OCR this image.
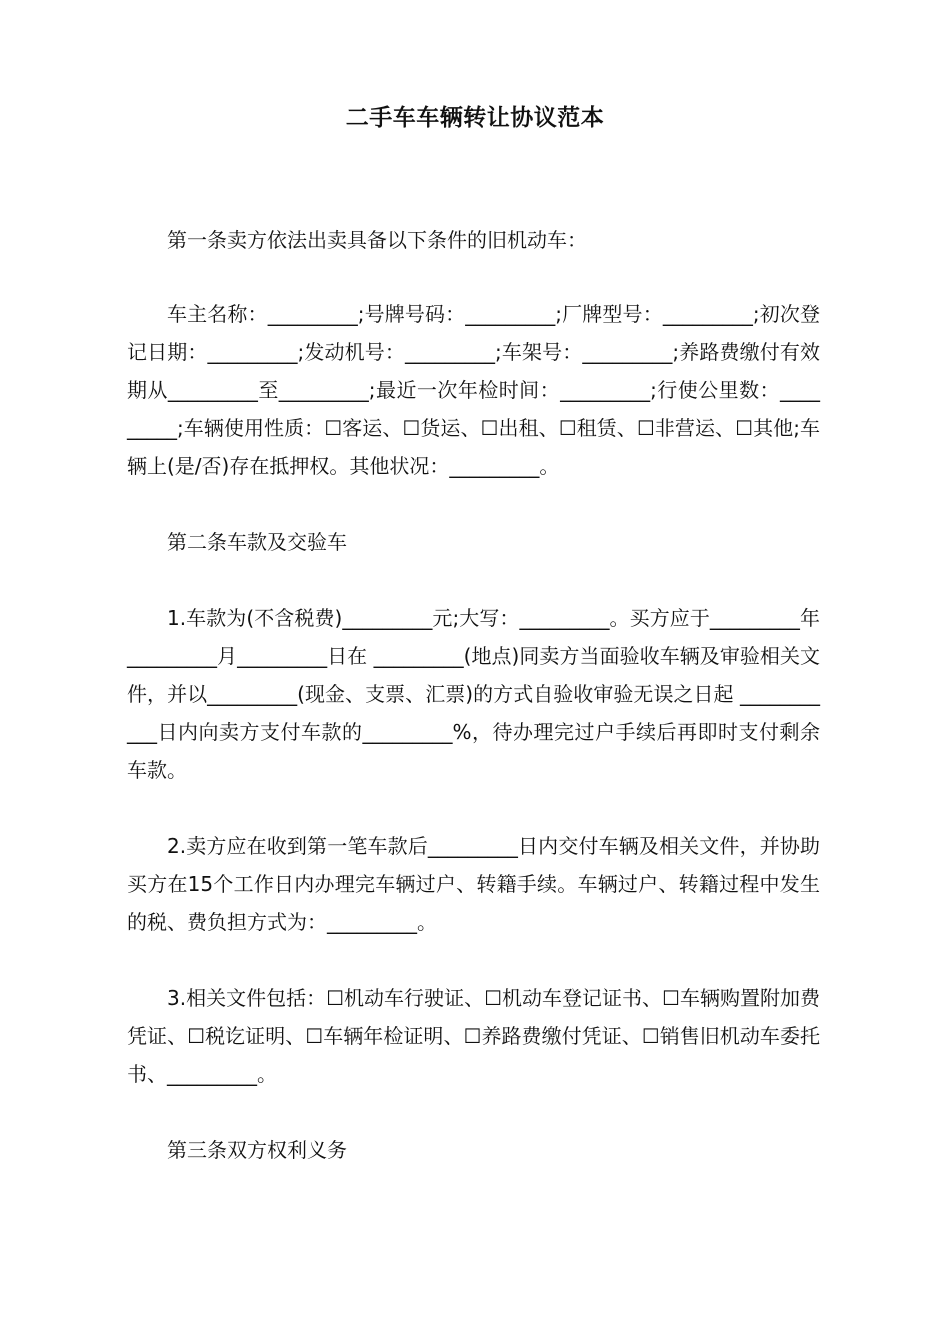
二手车车辆转让协议范本

第一条卖方依法出卖具备以下条件的旧机动车：

车主名称：_________;号牌号码：_________;厂牌型号：_________;初次登记日期：_________;发动机号：_________;车架号：_________;养路费缴付有效期从_________至_________;最近一次年检时间：_________;行使公里数：_________;车辆使用性质：☐客运、☐货运、☐出租、☐租赁、☐非营运、☐其他;车辆上(是/否)存在抵押权。其他状况：_________。

第二条车款及交验车

1.车款为(不含税费)_________元;大写：_________。买方应于_________年_________月_________日在 _________(地点)同卖方当面验收车辆及审验相关文件，并以_________(现金、支票、汇票)的方式自验收审验无误之日起 ___________日内向卖方支付车款的_________%，待办理完过户手续后再即时支付剩余车款。

2.卖方应在收到第一笔车款后_________日内交付车辆及相关文件，并协助买方在15个工作日内办理完车辆过户、转籍手续。车辆过户、转籍过程中发生的税、费负担方式为：_________。

3.相关文件包括：☐机动车行驶证、☐机动车登记证书、☐车辆购置附加费凭证、☐税讫证明、☐车辆年检证明、☐养路费缴付凭证、☐销售旧机动车委托书、_________。

第三条双方权利义务
